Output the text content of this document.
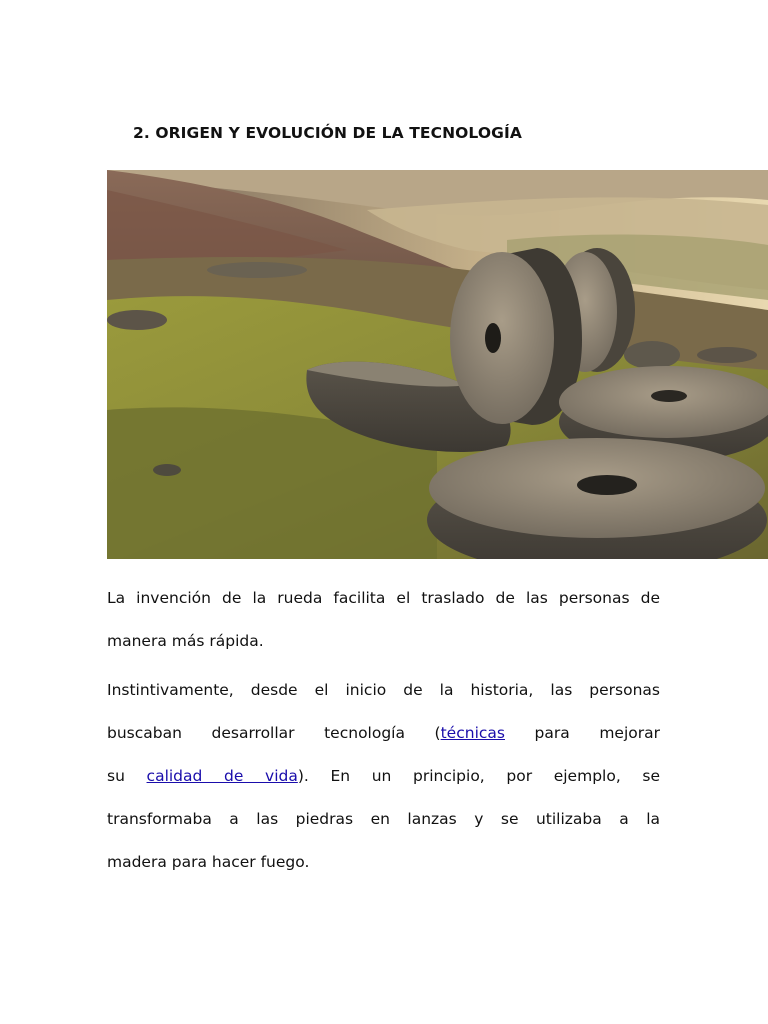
2. ORIGEN Y EVOLUCIÓN DE LA TECNOLOGÍA
La invención de la rueda facilita el traslado de las personas de
manera más rápida.
Instintivamente, desde el inicio de la historia, las personas
buscaban desarrollar tecnología (técnicas para mejorar
su calidad de vida). En un principio, por ejemplo, se
transformaba a las piedras en lanzas y se utilizaba a la
madera para hacer fuego.
